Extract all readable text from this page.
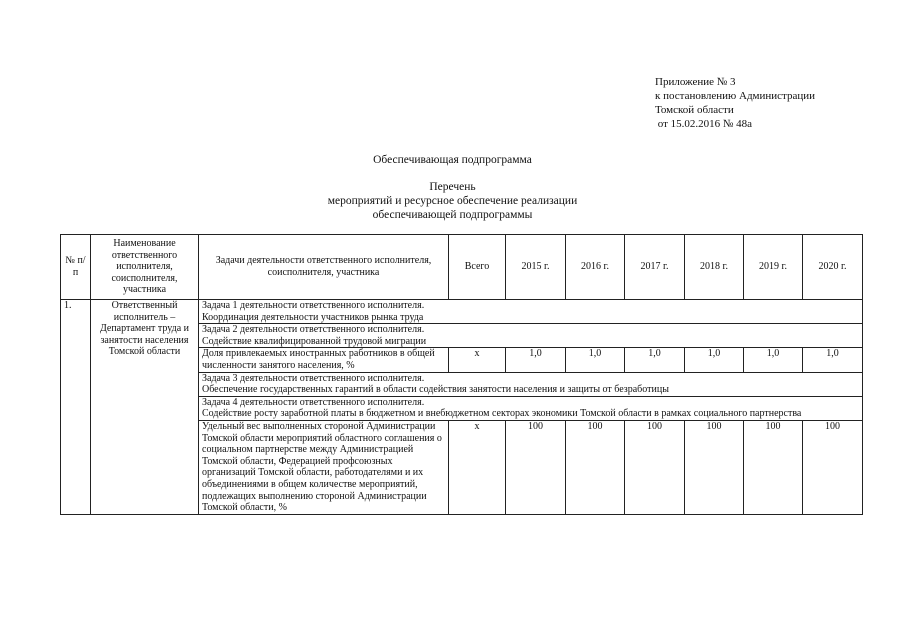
Приложение № 3
к постановлению Администрации
Томской области
от 15.02.2016 № 48а
Обеспечивающая подпрограмма
Перечень
мероприятий и ресурсное обеспечение реализации
обеспечивающей подпрограммы
№ п/п	Наименование ответственного исполнителя, соисполнителя, участника	Задачи деятельности ответственного исполнителя, соисполнителя, участника	Всего	2015 г.	2016 г.	2017 г.	2018 г.	2019 г.	2020 г.
1.	Ответственный исполнитель – Департамент труда и занятости населения Томской области	Задача 1 деятельности ответственного исполнителя.
Координация деятельности участников рынка труда							

		Задача 2 деятельности ответственного исполнителя.
Содействие квалифицированной трудовой миграции							

		Доля привлекаемых иностранных работников в общей численности занятого населения, %	х	1,0	1,0	1,0	1,0	1,0	1,0

		Задача 3 деятельности ответственного исполнителя.
Обеспечение государственных гарантий в области содействия занятости населения и защиты от безработицы							

		Задача 4 деятельности ответственного исполнителя.
Содействие росту заработной платы в бюджетном и внебюджетном секторах экономики Томской области в рамках социального партнерства							

		Удельный вес выполненных стороной Администрации Томской области мероприятий областного соглашения о социальном партнерстве между Администрацией Томской области, Федерацией профсоюзных организаций Томской области, работодателями и их объединениями в общем количестве мероприятий, подлежащих выполнению стороной Администрации Томской области, %	х	100	100	100	100	100	100
